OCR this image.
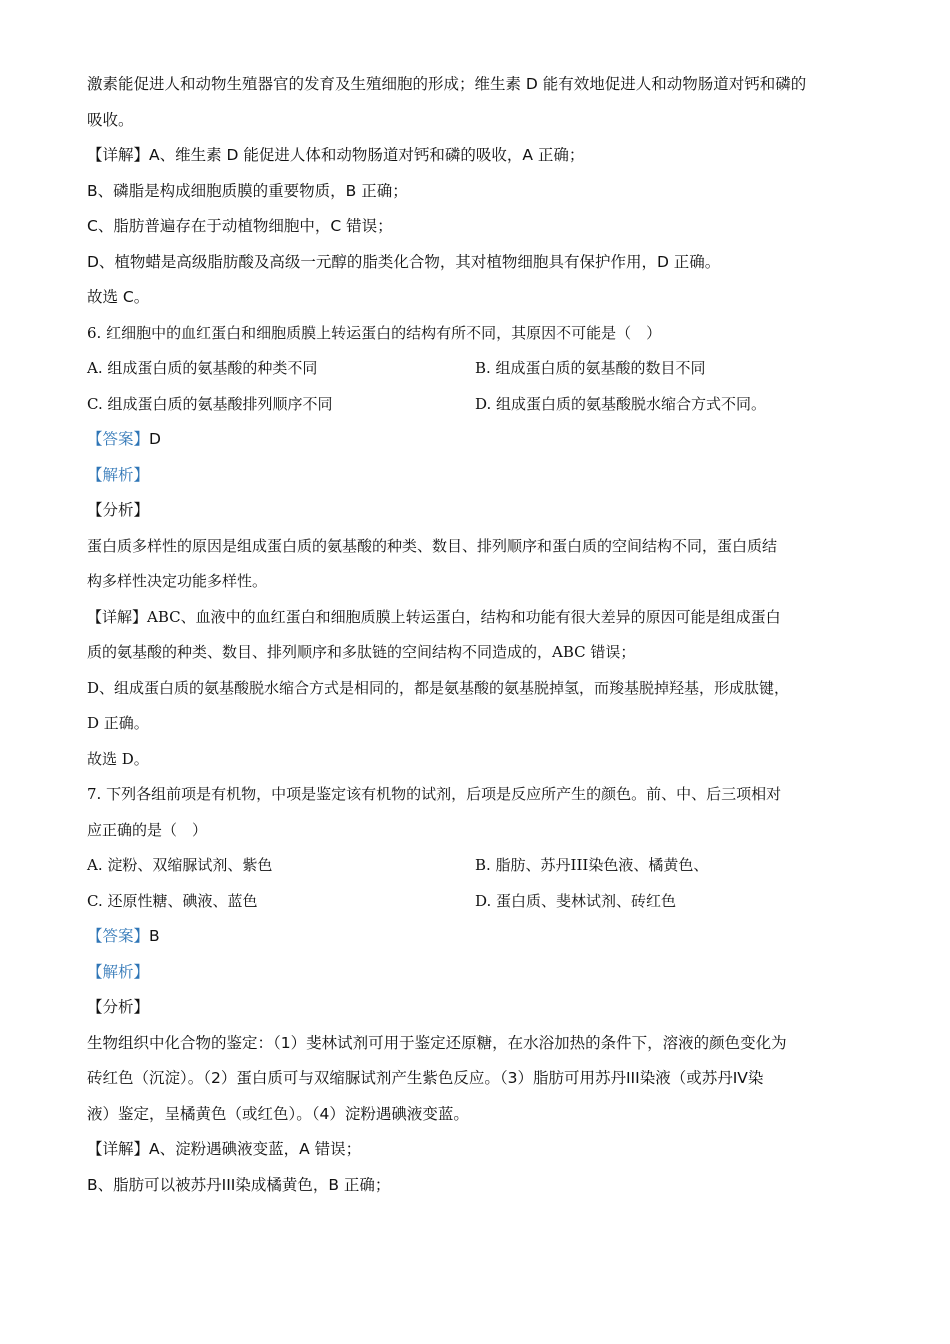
激素能促进人和动物生殖器官的发育及生殖细胞的形成；维生素 D 能有效地促进人和动物肠道对钙和磷的
吸收。
【详解】A、维生素 D 能促进人体和动物肠道对钙和磷的吸收，A 正确；
B、磷脂是构成细胞质膜的重要物质，B 正确；
C、脂肪普遍存在于动植物细胞中，C 错误；
D、植物蜡是高级脂肪酸及高级一元醇的脂类化合物，其对植物细胞具有保护作用，D 正确。
故选 C。
6. 红细胞中的血红蛋白和细胞质膜上转运蛋白的结构有所不同，其原因不可能是（　）
A. 组成蛋白质的氨基酸的种类不同	B. 组成蛋白质的氨基酸的数目不同
C. 组成蛋白质的氨基酸排列顺序不同	D. 组成蛋白质的氨基酸脱水缩合方式不同。
【答案】D
【解析】
【分析】
蛋白质多样性的原因是组成蛋白质的氨基酸的种类、数目、排列顺序和蛋白质的空间结构不同，蛋白质结
构多样性决定功能多样性。
【详解】ABC、血液中的血红蛋白和细胞质膜上转运蛋白，结构和功能有很大差异的原因可能是组成蛋白
质的氨基酸的种类、数目、排列顺序和多肽链的空间结构不同造成的，ABC 错误；
D、组成蛋白质的氨基酸脱水缩合方式是相同的，都是氨基酸的氨基脱掉氢，而羧基脱掉羟基，形成肽键，
D 正确。
故选 D。
7. 下列各组前项是有机物，中项是鉴定该有机物的试剂，后项是反应所产生的颜色。前、中、后三项相对
应正确的是（　）
A. 淀粉、双缩脲试剂、紫色	B. 脂肪、苏丹III染色液、橘黄色、
C. 还原性糖、碘液、蓝色	D. 蛋白质、斐林试剂、砖红色
【答案】B
【解析】
【分析】
生物组织中化合物的鉴定：（1）斐林试剂可用于鉴定还原糖，在水浴加热的条件下，溶液的颜色变化为
砖红色（沉淀）。（2）蛋白质可与双缩脲试剂产生紫色反应。（3）脂肪可用苏丹III染液（或苏丹IV染
液）鉴定，呈橘黄色（或红色）。（4）淀粉遇碘液变蓝。
【详解】A、淀粉遇碘液变蓝，A 错误；
B、脂肪可以被苏丹III染成橘黄色，B 正确；
